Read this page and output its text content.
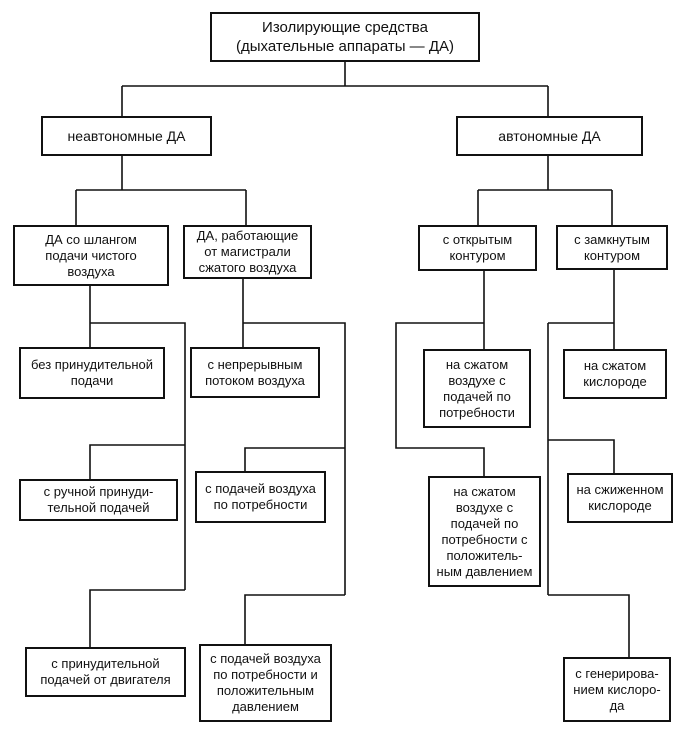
Изолирующие средства
(дыхательные аппараты — ДА)
неавтономные ДА	автономные ДА
ДА со шлангом
подачи чистого
воздуха
ДА, работающие
от магистрали
сжатого воздуха
с открытым
контуром
с замкнутым
контуром
без принудительной
подачи
с ручной принуди-
тельной подачей
с принудительной
подачей от двигателя
с непрерывным
потоком воздуха
с подачей воздуха
по потребности
с подачей воздуха
по потребности и
положительным
давлением
на сжатом
воздухе с
подачей по
потребности
на сжатом
воздухе с
подачей по
потребности с
положитель-
ным давлением
на сжатом
кислороде
на сжиженном
кислороде
с генерирова-
нием кислоро-
да
